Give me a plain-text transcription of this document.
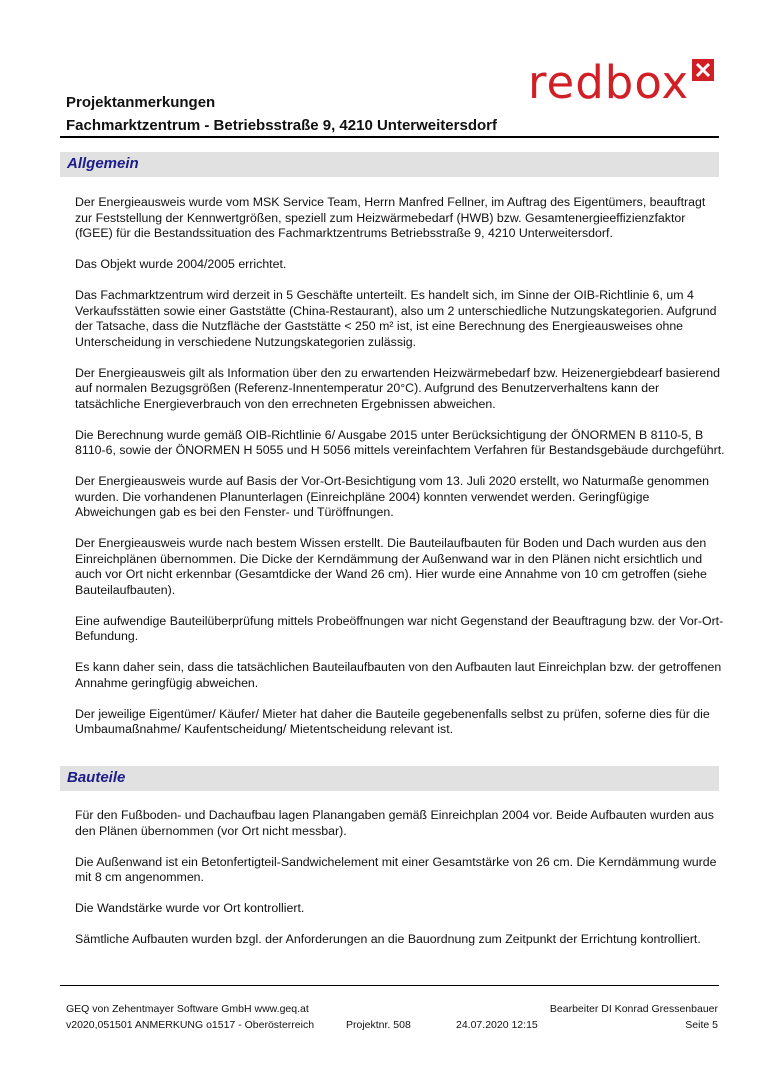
redbox
Projektanmerkungen
Fachmarktzentrum - Betriebsstraße 9, 4210 Unterweitersdorf
Allgemein

Der Energieausweis wurde vom MSK Service Team, Herrn Manfred Fellner, im Auftrag des Eigentümers, beauftragt zur Feststellung der Kennwertgrößen, speziell zum Heizwärmebedarf (HWB) bzw. Gesamtenergieeffizienzfaktor (fGEE) für die Bestandssituation des Fachmarktzentrums Betriebsstraße 9, 4210 Unterweitersdorf.

Das Objekt wurde 2004/2005 errichtet.

Das Fachmarktzentrum wird derzeit in 5 Geschäfte unterteilt. Es handelt sich, im Sinne der OIB-Richtlinie 6, um 4 Verkaufsstätten sowie einer Gaststätte (China-Restaurant), also um 2 unterschiedliche Nutzungskategorien. Aufgrund der Tatsache, dass die Nutzfläche der Gaststätte < 250 m² ist, ist eine Berechnung des Energieausweises ohne Unterscheidung in verschiedene Nutzungskategorien zulässig.

Der Energieausweis gilt als Information über den zu erwartenden Heizwärmebedarf bzw. Heizenergiebdearf basierend auf normalen Bezugsgrößen (Referenz-Innentemperatur 20°C). Aufgrund des Benutzerverhaltens kann der tatsächliche Energieverbrauch von den errechneten Ergebnissen abweichen.

Die Berechnung wurde gemäß OIB-Richtlinie 6/ Ausgabe 2015 unter Berücksichtigung der ÖNORMEN B 8110-5, B 8110-6, sowie der ÖNORMEN H 5055 und H 5056 mittels vereinfachtem Verfahren für Bestandsgebäude durchgeführt.

Der Energieausweis wurde auf Basis der Vor-Ort-Besichtigung vom 13. Juli 2020 erstellt, wo Naturmaße genommen wurden. Die vorhandenen Planunterlagen (Einreichpläne 2004) konnten verwendet werden. Geringfügige Abweichungen gab es bei den Fenster- und Türöffnungen.

Der Energieausweis wurde nach bestem Wissen erstellt. Die Bauteilaufbauten für Boden und Dach wurden aus den Einreichplänen übernommen. Die Dicke der Kerndämmung der Außenwand war in den Plänen nicht ersichtlich und auch vor Ort nicht erkennbar (Gesamtdicke der Wand 26 cm). Hier wurde eine Annahme von 10 cm getroffen (siehe Bauteilaufbauten).

Eine aufwendige Bauteilüberprüfung mittels Probeöffnungen war nicht Gegenstand der Beauftragung bzw. der Vor-Ort-Befundung.

Es kann daher sein, dass die tatsächlichen Bauteilaufbauten von den Aufbauten laut Einreichplan bzw. der getroffenen Annahme geringfügig abweichen.

Der jeweilige Eigentümer/ Käufer/ Mieter hat daher die Bauteile gegebenenfalls selbst zu prüfen, soferne dies für die Umbaumaßnahme/ Kaufentscheidung/ Mietentscheidung relevant ist.

Bauteile

Für den Fußboden- und Dachaufbau lagen Planangaben gemäß Einreichplan 2004 vor. Beide Aufbauten wurden aus den Plänen übernommen (vor Ort nicht messbar).

Die Außenwand ist ein Betonfertigteil-Sandwichelement mit einer Gesamtstärke von 26 cm. Die Kerndämmung wurde mit 8 cm angenommen.

Die Wandstärke wurde vor Ort kontrolliert.

Sämtliche Aufbauten wurden bzgl. der Anforderungen an die Bauordnung zum Zeitpunkt der Errichtung kontrolliert.

GEQ von Zehentmayer Software GmbH www.geq.at
v2020,051501 ANMERKUNG o1517 - Oberösterreich	Projektnr. 508	24.07.2020 12:15
Bearbeiter DI Konrad Gressenbauer
Seite 5
